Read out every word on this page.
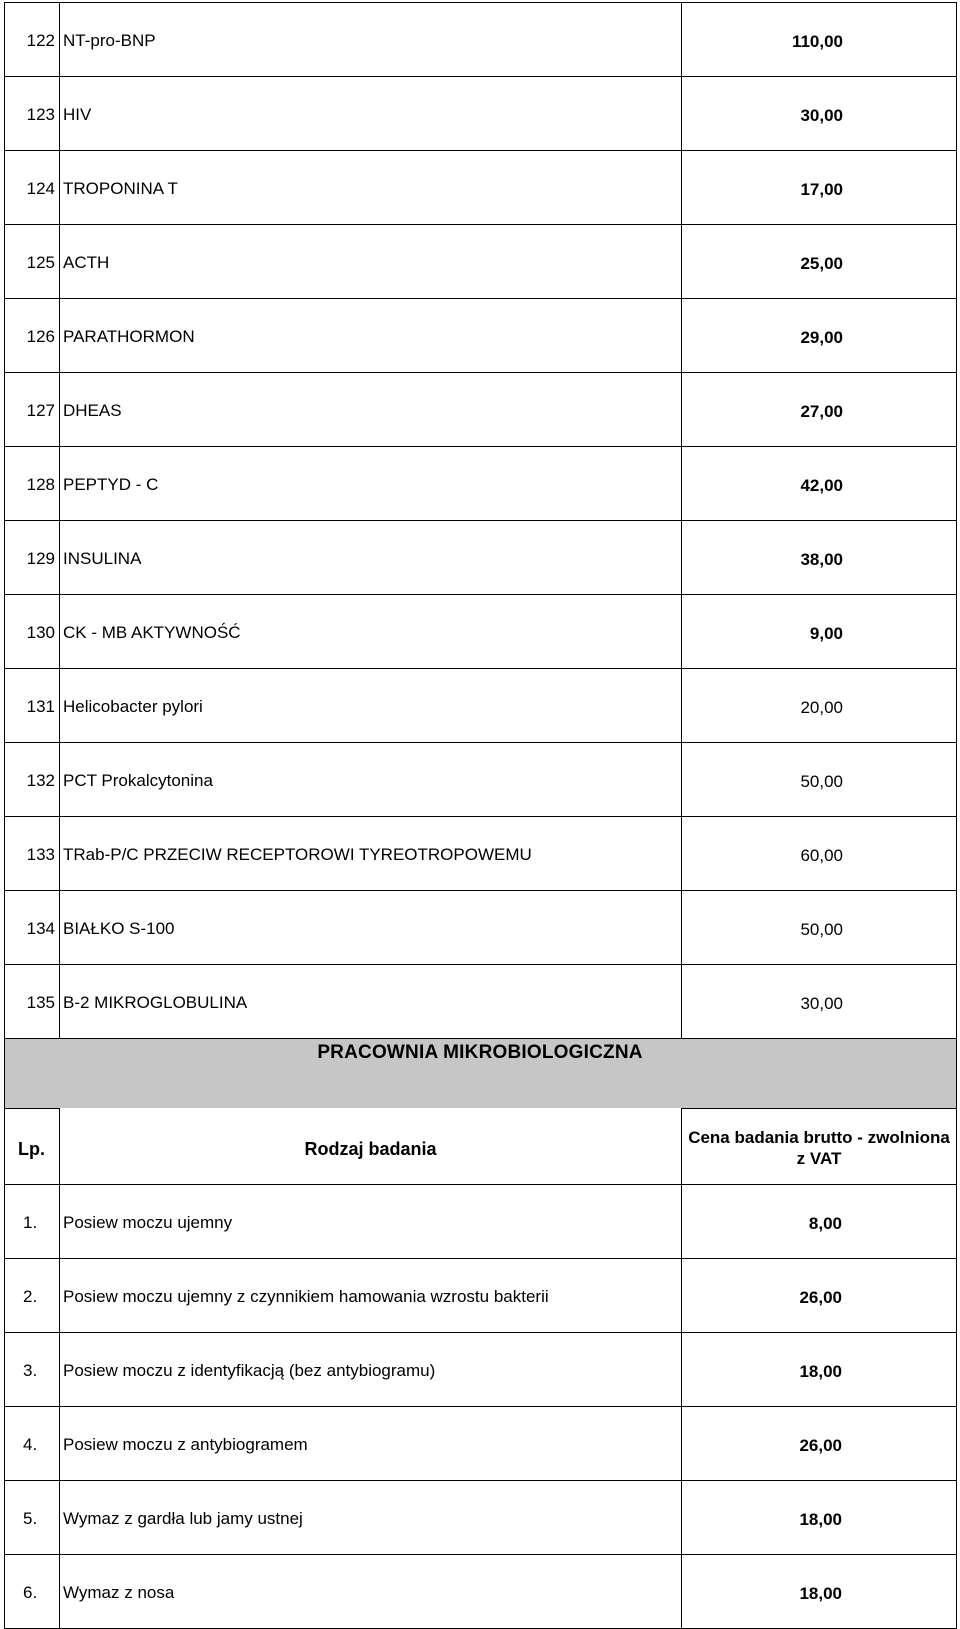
122	NT-pro-BNP	110,00
123	HIV	30,00
124	TROPONINA T	17,00
125	ACTH	25,00
126	PARATHORMON	29,00
127	DHEAS	27,00
128	PEPTYD - C	42,00
129	INSULINA	38,00
130	CK - MB AKTYWNOŚĆ	9,00
131	Helicobacter pylori	20,00
132	PCT Prokalcytonina	50,00
133	TRab-P/C PRZECIW RECEPTOROWI TYREOTROPOWEMU	60,00
134	BIAŁKO S-100	50,00
135	B-2 MIKROGLOBULINA	30,00

Lp.	Rodzaj badania	Cena badania brutto - zwolniona z VAT
1.	Posiew moczu ujemny	8,00
2.	Posiew moczu ujemny z czynnikiem hamowania wzrostu bakterii	26,00
3.	Posiew moczu z identyfikacją (bez antybiogramu)	18,00
4.	Posiew moczu z antybiogramem	26,00
5.	Wymaz z gardła lub jamy ustnej	18,00
6.	Wymaz z nosa	18,00
PRACOWNIA MIKROBIOLOGICZNA
